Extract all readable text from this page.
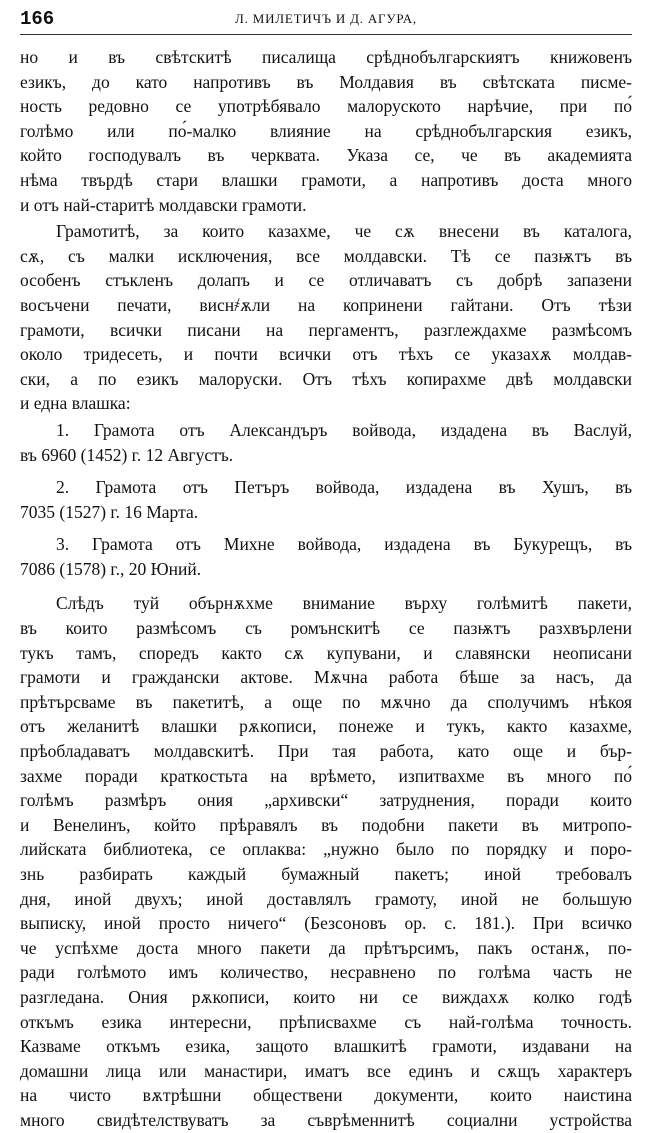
166	Л. МИЛЕТИЧЪ И Д. АГУРА,
но и въ свѣтскитѣ писалища срѣднобългарскиятъ книжовенъ
езикъ, до като напротивъ въ Молдавия въ свѣтската писме-
ность редовно се употрѣбявало малоруското нарѣчие, при по́
голѣмо или по́-малко влияние на срѣднобългарския езикъ,
който господувалъ въ черквата. Указа се, че въ академията
нѣма твърдѣ стари влашки грамоти, а напротивъ доста много
и отъ най-старитѣ молдавски грамоти.
Грамотитѣ, за които казахме, че сѫ внесени въ каталога,
сѫ, съ малки исключения, все молдавски. Тѣ се пазѭтъ въ
особенъ стъкленъ долапъ и се отличаватъ съ добрѣ запазени
восъчени печати, висн҂ѫли на копринени гайтани. Отъ тѣзи
грамоти, всички писани на пергаментъ, разглеждахме размѣсомъ
около тридесеть, и почти всички отъ тѣхъ се указахѫ молдав-
ски, а по езикъ малоруски. Отъ тѣхъ копирахме двѣ молдавски
и една влашка:
1. Грамота отъ Александъръ войвода, издадена въ Васлуй,
въ 6960 (1452) г. 12 Августъ.
2. Грамота отъ Петъръ войвода, издадена въ Хушъ, въ
7035 (1527) г. 16 Марта.
3. Грамота отъ Михне войвода, издадена въ Букурещъ, въ
7086 (1578) г., 20 Юний.
Слѣдъ туй обърнѫхме внимание върху голѣмитѣ пакети,
въ които размѣсомъ съ ромънскитѣ се пазѭтъ разхвърлени
тукъ тамъ, споредъ както сѫ купувани, и славянски неописани
грамоти и граждански актове. Мѫчна работа бѣше за насъ, да
прѣтърсваме въ пакетитѣ, а още по мѫчно да сполучимъ нѣкоя
отъ желанитѣ влашки рѫкописи, понеже и тукъ, както казахме,
прѣобладаватъ молдавскитѣ. При тая работа, като още и бър-
захме поради краткостьта на врѣмето, изпитвахме въ много по́
голѣмъ размѣръ ония „архивски“ затруднения, поради които
и Венелинъ, който прѣравялъ въ подобни пакети въ митропо-
лийската библиотека, се оплаква: „нужно было по порядку и поро-
знь разбирать каждый бумажный пакетъ; иной требовалъ
дня, иной двухъ; иной доставлялъ грамоту, иной не большую
выписку, иной просто ничего“ (Безсоновъ ор. с. 181.). При всичко
че успѣхме доста много пакети да прѣтърсимъ, пакъ останѫ, по-
ради голѣмото имъ количество, несравнено по голѣма часть не
разгледана. Ония рѫкописи, които ни се виждахѫ колко годѣ
откъмъ езика интересни, прѣписвахме съ най-голѣма точность.
Казваме откъмъ езика, защото влашкитѣ грамоти, издавани на
домашни лица или манастири, иматъ все единъ и сѫщъ характеръ
на чисто вѫтрѣшни обществени документи, които наистина
много свидѣтелствуватъ за съврѣменнитѣ социални устройства
